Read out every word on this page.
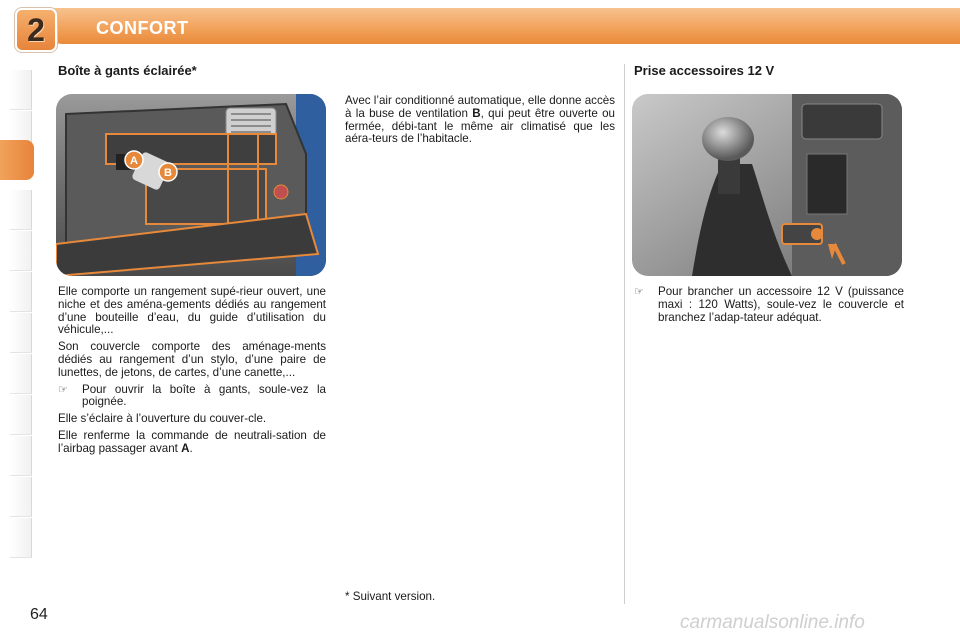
2	CONFORT
Boîte à gants éclairée*
A
B

Elle comporte un rangement supé-rieur ouvert, une niche et des aména-gements dédiés au rangement d’une bouteille d’eau, du guide d’utilisation du véhicule,...

Son couvercle comporte des aménage-ments dédiés au rangement d’un stylo, d’une paire de lunettes, de jetons, de cartes, d’une canette,...

☞	Pour ouvrir la boîte à gants, soule-vez la poignée.

Elle s’éclaire à l’ouverture du couver-cle.

Elle renferme la commande de neutrali-sation de l’airbag passager avant A.

Avec l’air conditionné automatique, elle donne accès à la buse de ventilation B, qui peut être ouverte ou fermée, débi-tant le même air climatisé que les aéra-teurs de l’habitacle.

Prise accessoires 12 V

☞	Pour brancher un accessoire 12 V (puissance maxi : 120 Watts), soule-vez le couvercle et branchez l’adap-tateur adéquat.

* Suivant version.
64	carmanualsonline.info
